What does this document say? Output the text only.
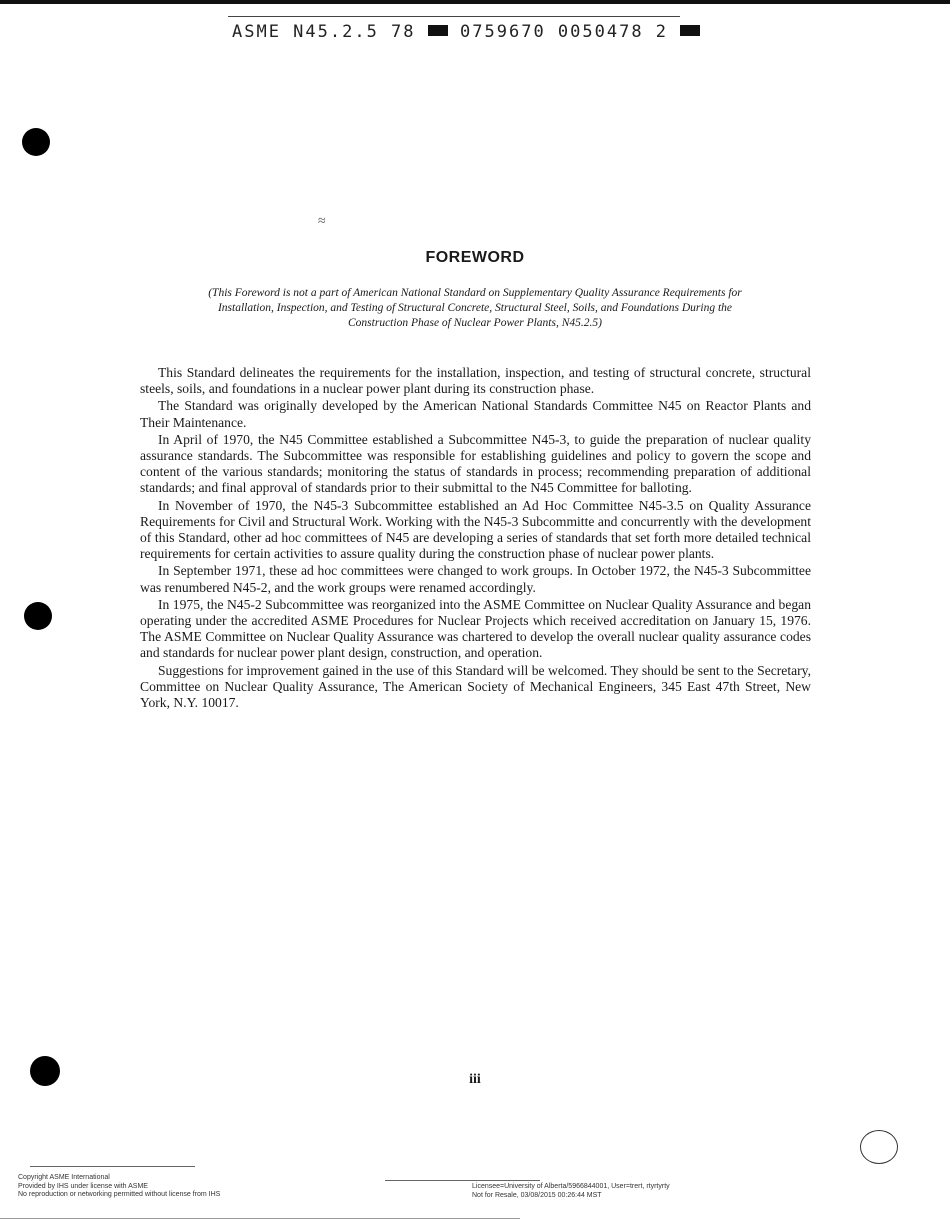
ASME N45.2.5 78	0759670 0050478 2
≈
FOREWORD
(This Foreword is not a part of American National Standard on Supplementary Quality Assurance Requirements for Installation, Inspection, and Testing of Structural Concrete, Structural Steel, Soils, and Foundations During the Construction Phase of Nuclear Power Plants, N45.2.5)

This Standard delineates the requirements for the installation, inspection, and testing of structural concrete, structural steels, soils, and foundations in a nuclear power plant during its construction phase.

The Standard was originally developed by the American National Standards Committee N45 on Reactor Plants and Their Maintenance.

In April of 1970, the N45 Committee established a Subcommittee N45-3, to guide the preparation of nuclear quality assurance standards. The Subcommittee was responsible for establishing guidelines and policy to govern the scope and content of the various standards; monitoring the status of standards in process; recommending preparation of additional standards; and final approval of standards prior to their submittal to the N45 Committee for balloting.

In November of 1970, the N45-3 Subcommittee established an Ad Hoc Committee N45-3.5 on Quality Assurance Requirements for Civil and Structural Work. Working with the N45-3 Subcommitte and concurrently with the development of this Standard, other ad hoc committees of N45 are developing a series of standards that set forth more detailed technical requirements for certain activities to assure quality during the construction phase of nuclear power plants.

In September 1971, these ad hoc committees were changed to work groups. In October 1972, the N45-3 Subcommittee was renumbered N45-2, and the work groups were renamed accordingly.

In 1975, the N45-2 Subcommittee was reorganized into the ASME Committee on Nuclear Quality Assurance and began operating under the accredited ASME Procedures for Nuclear Projects which received accreditation on January 15, 1976. The ASME Committee on Nuclear Quality Assurance was chartered to develop the overall nuclear quality assurance codes and standards for nuclear power plant design, construction, and operation.

Suggestions for improvement gained in the use of this Standard will be welcomed. They should be sent to the Secretary, Committee on Nuclear Quality Assurance, The American Society of Mechanical Engineers, 345 East 47th Street, New York, N.Y. 10017.

iii
Copyright ASME International
Provided by IHS under license with ASME
No reproduction or networking permitted without license from IHS
Licensee=University of Alberta/5966844001, User=trert, rtyrtyrty
Not for Resale, 03/08/2015 00:26:44 MST
